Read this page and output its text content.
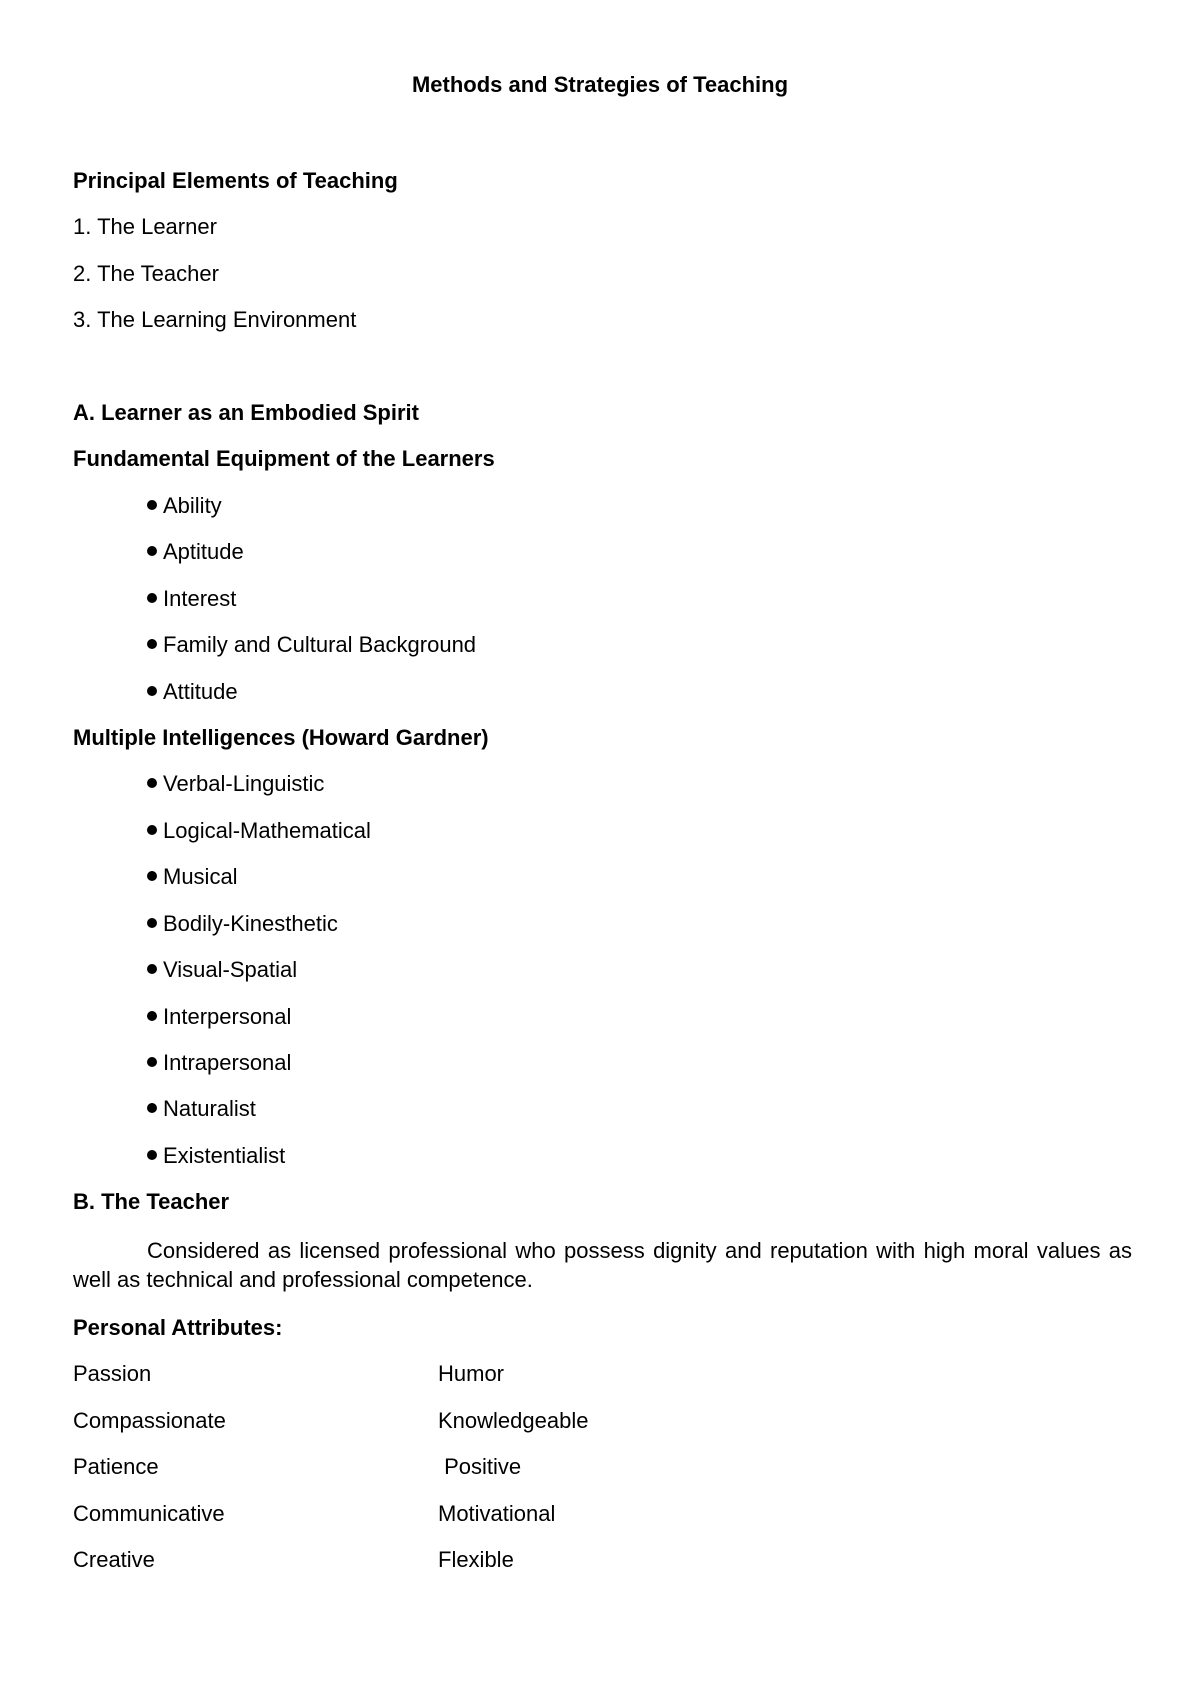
Methods and Strategies of Teaching
Principal Elements of Teaching
1. The Learner
2. The Teacher
3. The Learning Environment
A. Learner as an Embodied Spirit
Fundamental Equipment of the Learners
Ability
Aptitude
Interest
Family and Cultural Background
Attitude
Multiple Intelligences (Howard Gardner)
Verbal-Linguistic
Logical-Mathematical
Musical
Bodily-Kinesthetic
Visual-Spatial
Interpersonal
Intrapersonal
Naturalist
Existentialist
B. The Teacher
Considered as licensed professional who possess dignity and reputation with high moral values as well as technical and professional competence.
Personal Attributes:
Passion	Humor
Compassionate	Knowledgeable
Patience	Positive
Communicative	Motivational
Creative	Flexible
